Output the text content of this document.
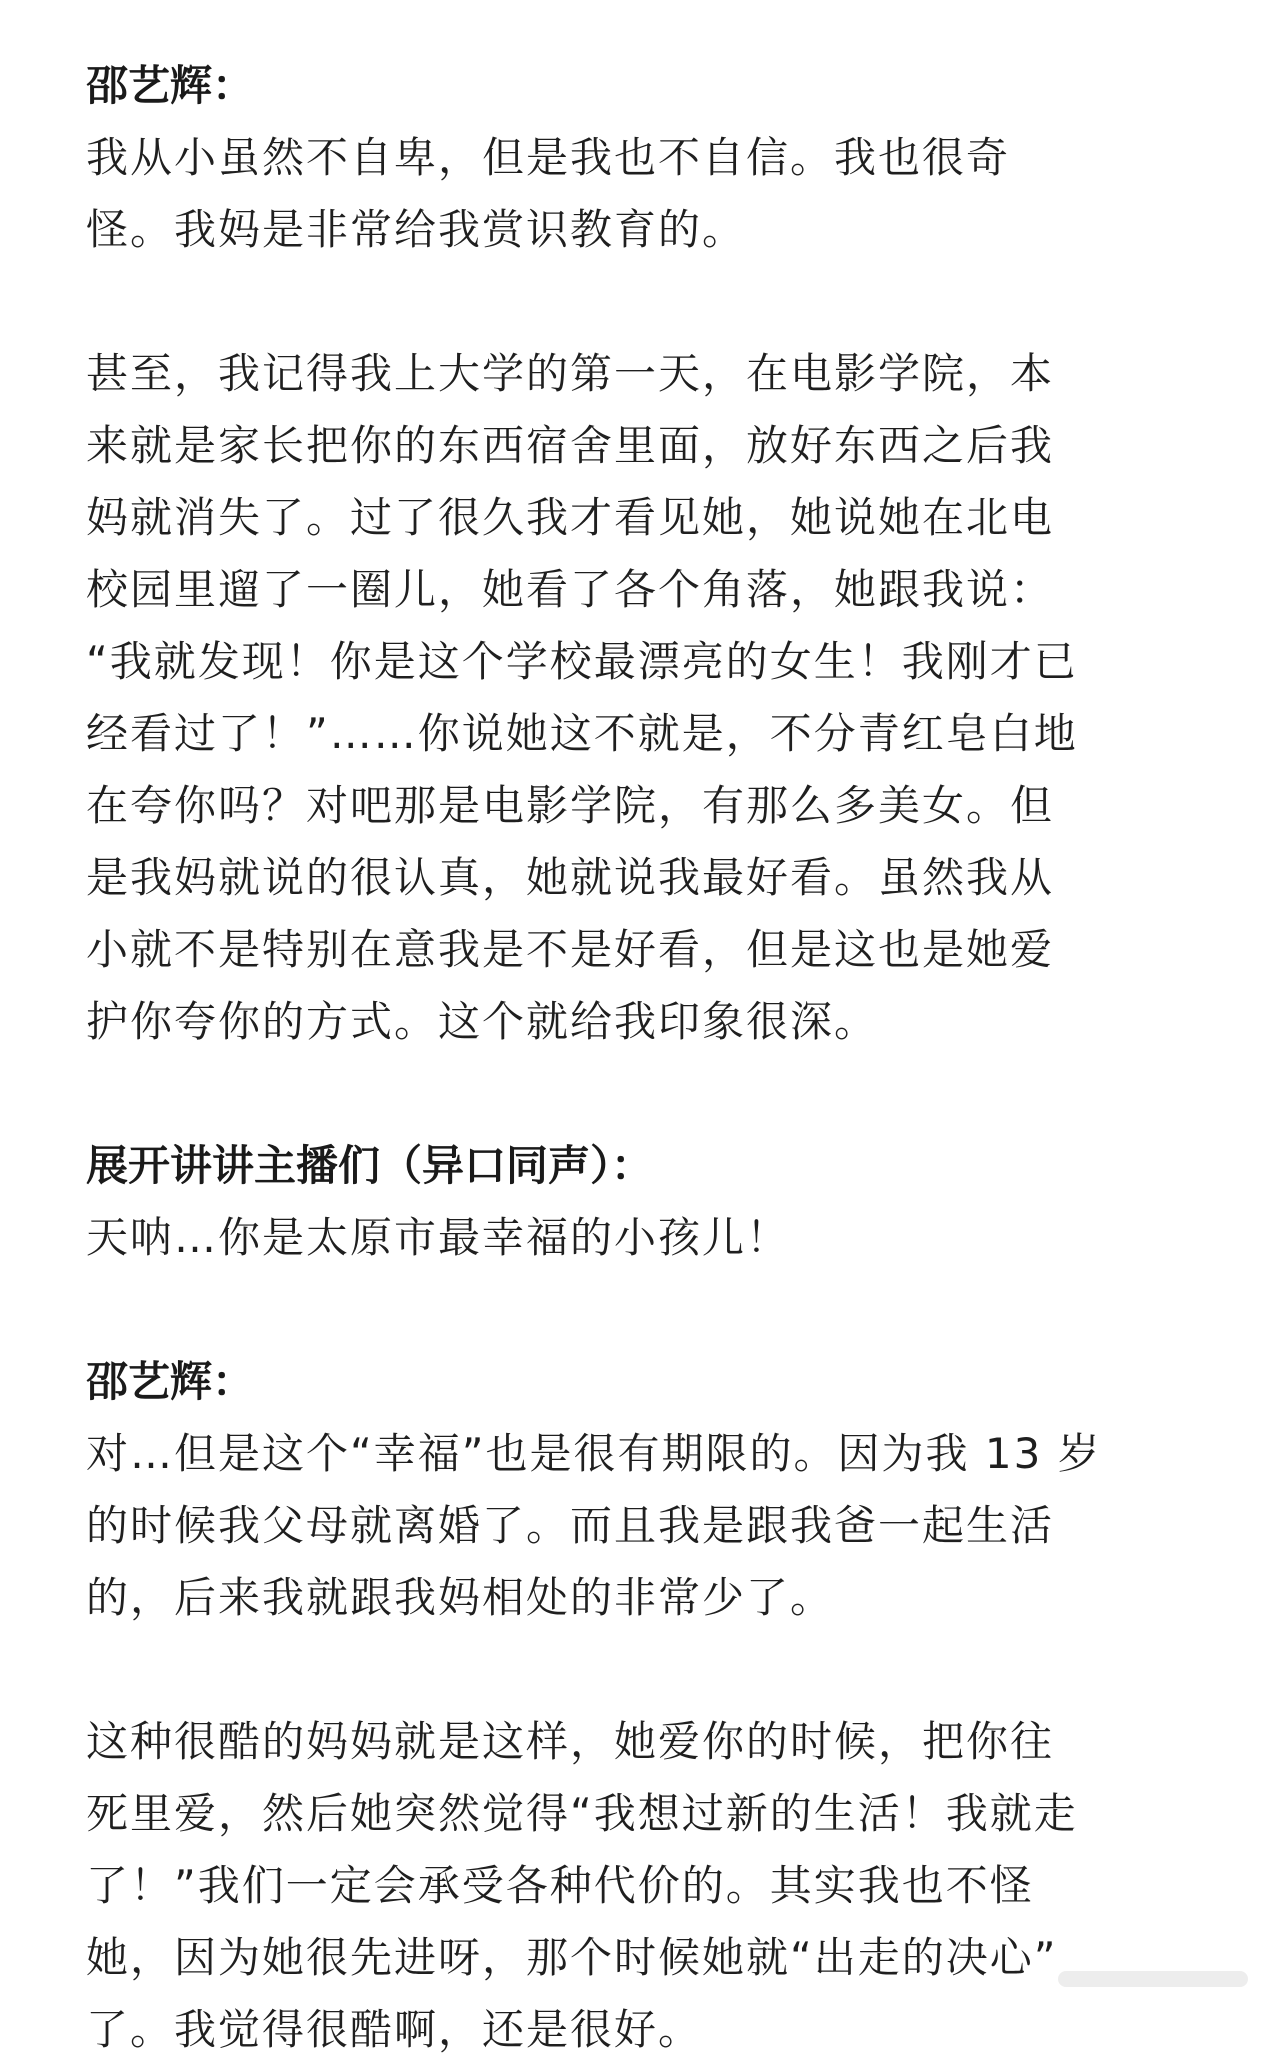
邵艺辉：

我从小虽然不自卑，但是我也不自信。我也很奇
怪。我妈是非常给我赏识教育的。

甚至，我记得我上大学的第一天，在电影学院，本
来就是家长把你的东西宿舍里面，放好东西之后我
妈就消失了。过了很久我才看见她，她说她在北电
校园里遛了一圈儿，她看了各个角落，她跟我说：
“我就发现！你是这个学校最漂亮的女生！我刚才已
经看过了！”……你说她这不就是，不分青红皂白地
在夸你吗？对吧那是电影学院，有那么多美女。但
是我妈就说的很认真，她就说我最好看。虽然我从
小就不是特别在意我是不是好看，但是这也是她爱
护你夸你的方式。这个就给我印象很深。

展开讲讲主播们（异口同声）：

天呐…你是太原市最幸福的小孩儿！

邵艺辉：

对…但是这个“幸福”也是很有期限的。因为我 13 岁
的时候我父母就离婚了。而且我是跟我爸一起生活
的，后来我就跟我妈相处的非常少了。

这种很酷的妈妈就是这样，她爱你的时候，把你往
死里爱，然后她突然觉得“我想过新的生活！我就走
了！”我们一定会承受各种代价的。其实我也不怪
她，因为她很先进呀，那个时候她就“出走的决心”
了。我觉得很酷啊，还是很好。
